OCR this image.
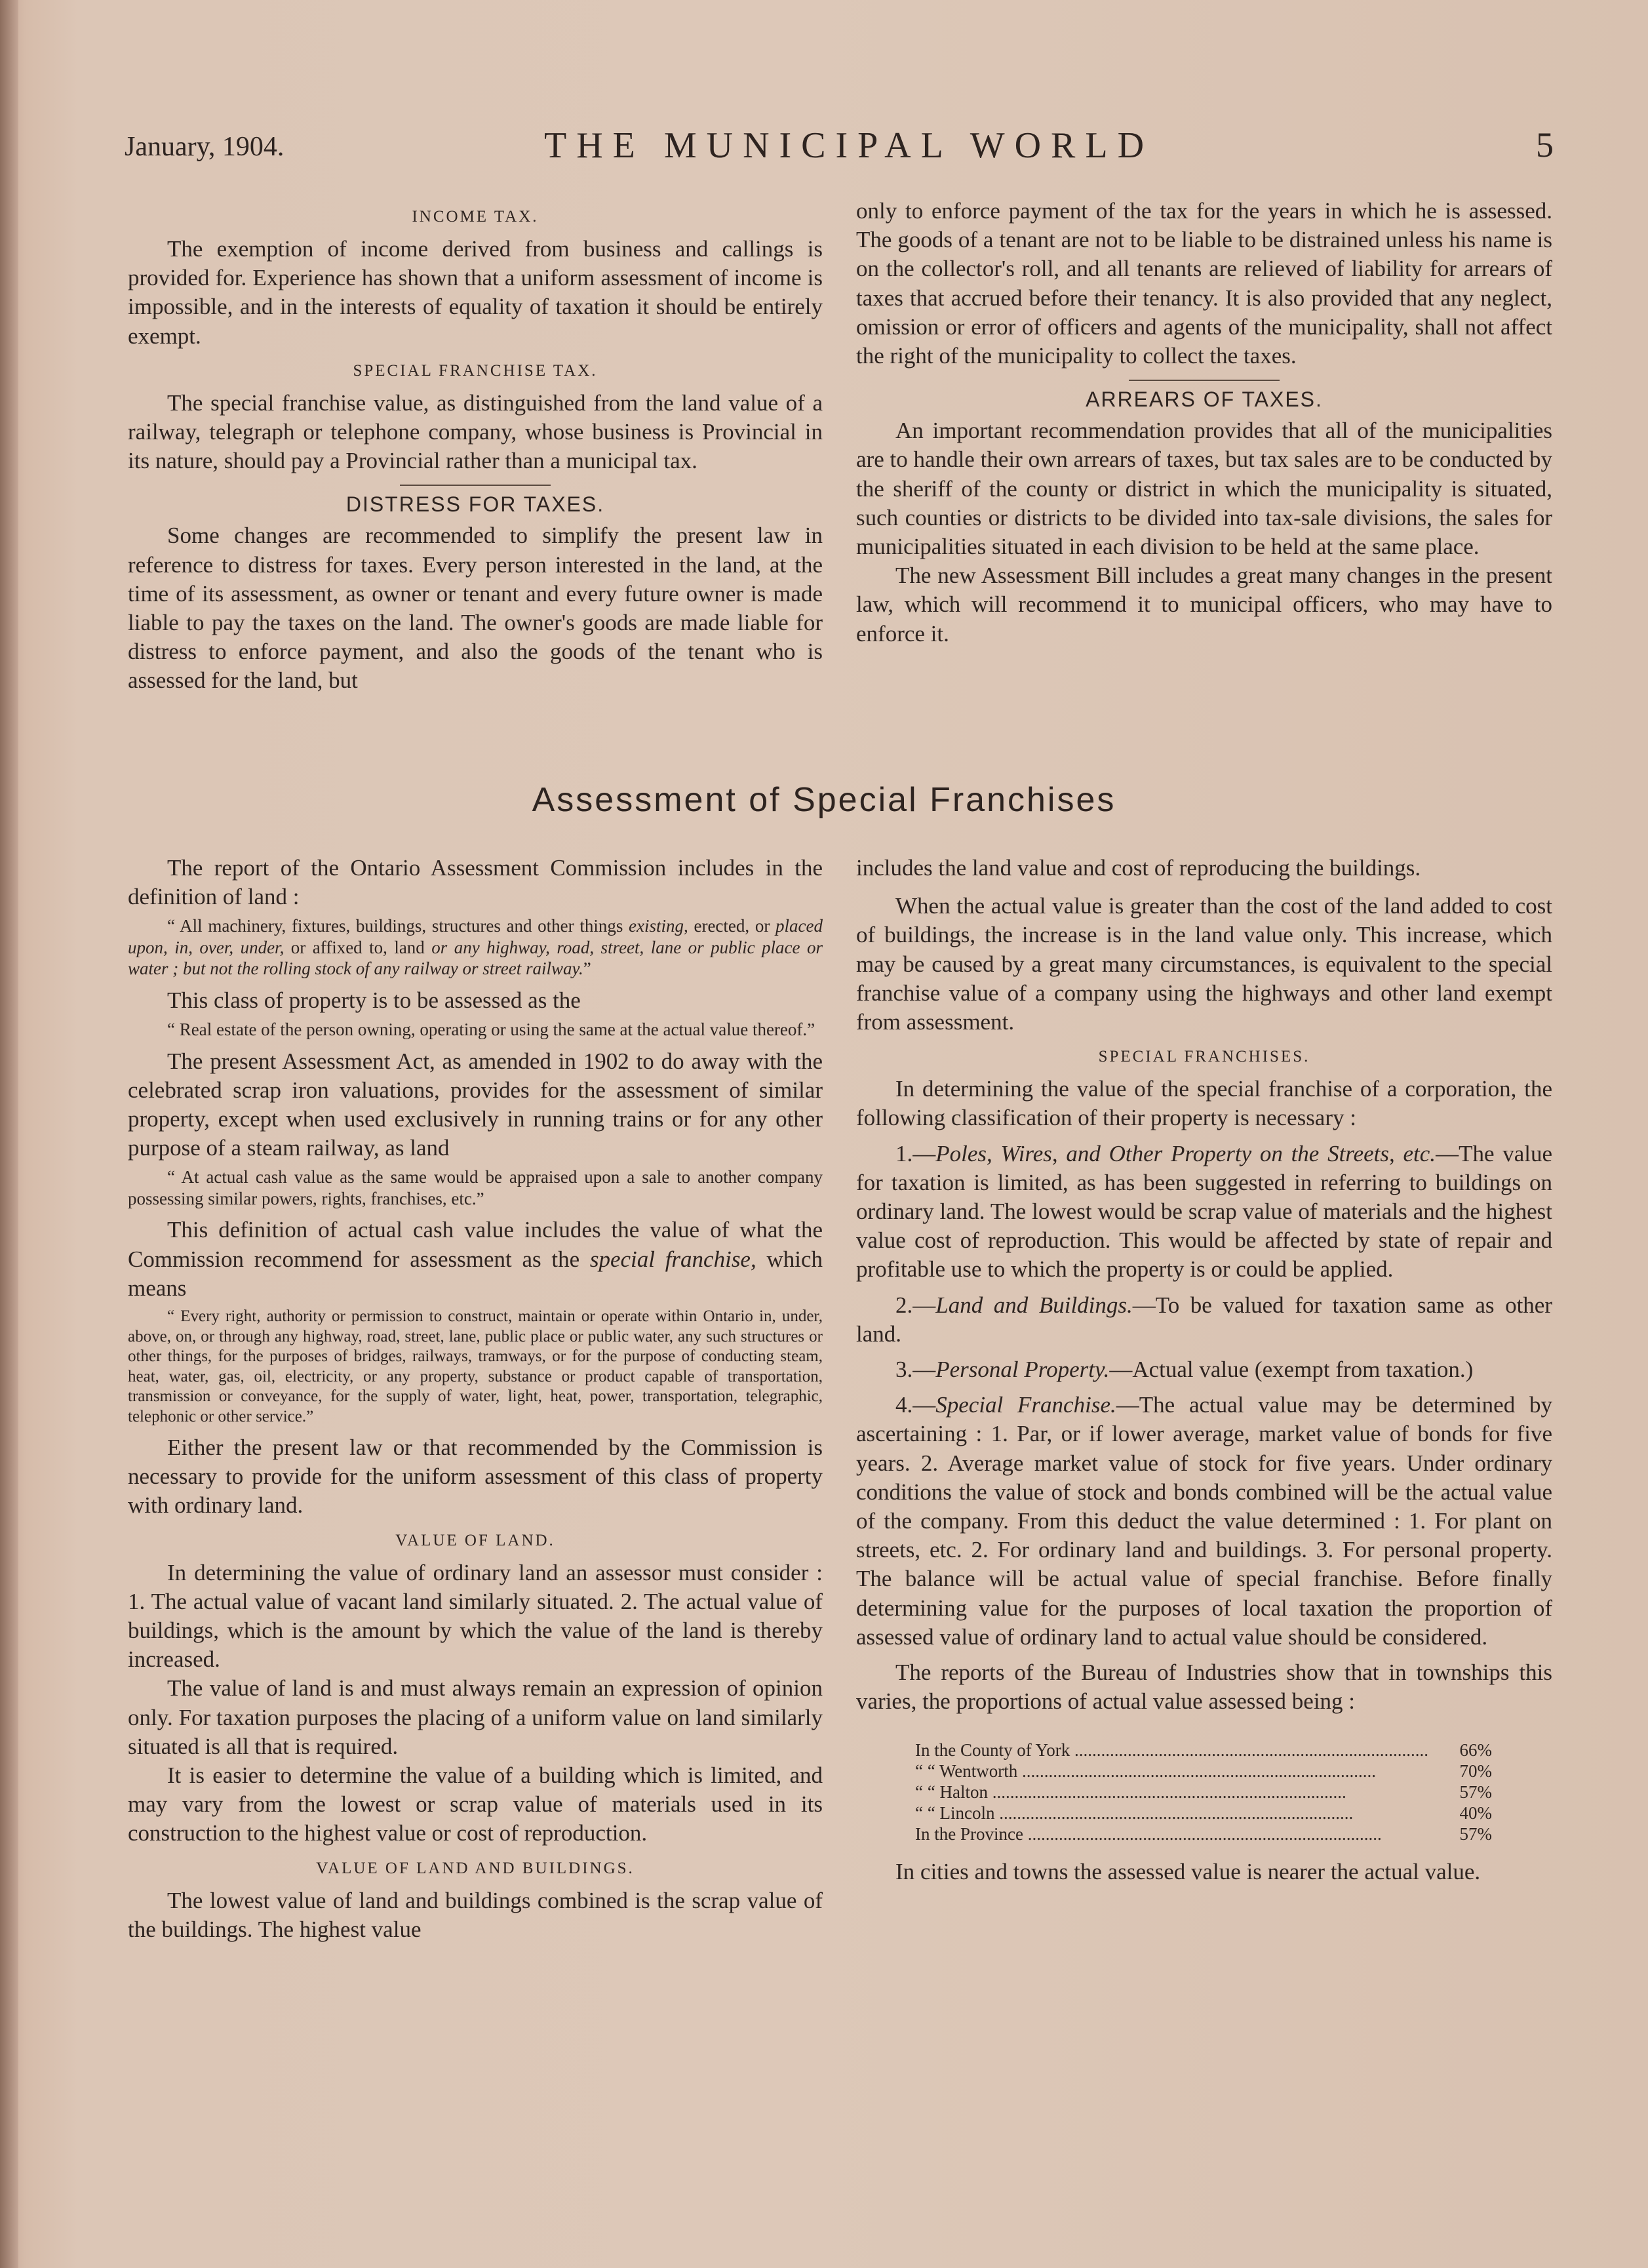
January, 1904.	THE MUNICIPAL WORLD	5
INCOME TAX.

The exemption of income derived from business and callings is provided for. Experience has shown that a uniform assessment of income is impossible, and in the interests of equality of taxation it should be entirely exempt.

SPECIAL FRANCHISE TAX.

The special franchise value, as distinguished from the land value of a railway, telegraph or telephone company, whose business is Provincial in its nature, should pay a Provincial rather than a municipal tax.

DISTRESS FOR TAXES.

Some changes are recommended to simplify the present law in reference to distress for taxes. Every person interested in the land, at the time of its assessment, as owner or tenant and every future owner is made liable to pay the taxes on the land. The owner's goods are made liable for distress to enforce payment, and also the goods of the tenant who is assessed for the land, but

only to enforce payment of the tax for the years in which he is assessed. The goods of a tenant are not to be liable to be distrained unless his name is on the collector's roll, and all tenants are relieved of liability for arrears of taxes that accrued before their tenancy. It is also provided that any neglect, omission or error of officers and agents of the municipality, shall not affect the right of the municipality to collect the taxes.

ARREARS OF TAXES.

An important recommendation provides that all of the municipalities are to handle their own arrears of taxes, but tax sales are to be conducted by the sheriff of the county or district in which the municipality is situated, such counties or districts to be divided into tax-sale divisions, the sales for municipalities situated in each division to be held at the same place.

The new Assessment Bill includes a great many changes in the present law, which will recommend it to municipal officers, who may have to enforce it.

Assessment of Special Franchises

The report of the Ontario Assessment Commission includes in the definition of land :

“ All machinery, fixtures, buildings, structures and other things existing, erected, or placed upon, in, over, under, or affixed to, land or any highway, road, street, lane or public place or water ; but not the rolling stock of any railway or street railway.”

This class of property is to be assessed as the

“ Real estate of the person owning, operating or using the same at the actual value thereof.”

The present Assessment Act, as amended in 1902 to do away with the celebrated scrap iron valuations, provides for the assessment of similar property, except when used exclusively in running trains or for any other purpose of a steam railway, as land

“ At actual cash value as the same would be appraised upon a sale to another company possessing similar powers, rights, franchises, etc.”

This definition of actual cash value includes the value of what the Commission recommend for assessment as the special franchise, which means

“ Every right, authority or permission to construct, maintain or operate within Ontario in, under, above, on, or through any highway, road, street, lane, public place or public water, any such structures or other things, for the purposes of bridges, railways, tramways, or for the purpose of conducting steam, heat, water, gas, oil, electricity, or any property, substance or product capable of transportation, transmission or conveyance, for the supply of water, light, heat, power, transportation, telegraphic, telephonic or other service.”

Either the present law or that recommended by the Commission is necessary to provide for the uniform assessment of this class of property with ordinary land.

VALUE OF LAND.

In determining the value of ordinary land an assessor must consider : 1. The actual value of vacant land similarly situated. 2. The actual value of buildings, which is the amount by which the value of the land is thereby increased.

The value of land is and must always remain an expression of opinion only. For taxation purposes the placing of a uniform value on land similarly situated is all that is required.

It is easier to determine the value of a building which is limited, and may vary from the lowest or scrap value of materials used in its construction to the highest value or cost of reproduction.

VALUE OF LAND AND BUILDINGS.

The lowest value of land and buildings combined is the scrap value of the buildings. The highest value

includes the land value and cost of reproducing the buildings.

When the actual value is greater than the cost of the land added to cost of buildings, the increase is in the land value only. This increase, which may be caused by a great many circumstances, is equivalent to the special franchise value of a company using the highways and other land exempt from assessment.

SPECIAL FRANCHISES.

In determining the value of the special franchise of a corporation, the following classification of their property is necessary :

1.—Poles, Wires, and Other Property on the Streets, etc.—The value for taxation is limited, as has been suggested in referring to buildings on ordinary land. The lowest would be scrap value of materials and the highest value cost of reproduction. This would be affected by state of repair and profitable use to which the property is or could be applied.

2.—Land and Buildings.—To be valued for taxation same as other land.

3.—Personal Property.—Actual value (exempt from taxation.)

4.—Special Franchise.—The actual value may be determined by ascertaining : 1. Par, or if lower average, market value of bonds for five years. 2. Average market value of stock for five years. Under ordinary conditions the value of stock and bonds combined will be the actual value of the company. From this deduct the value determined : 1. For plant on streets, etc. 2. For ordinary land and buildings. 3. For personal property. The balance will be actual value of special franchise. Before finally determining value for the purposes of local taxation the proportion of assessed value of ordinary land to actual value should be considered.

The reports of the Bureau of Industries show that in townships this varies, the proportions of actual value assessed being :

In the County of York ................................................................................	66%
“ “ Wentworth ................................................................................	70%
“ “ Halton ................................................................................	57%
“ “ Lincoln ................................................................................	40%
In the Province ................................................................................	57%

In cities and towns the assessed value is nearer the actual value.
